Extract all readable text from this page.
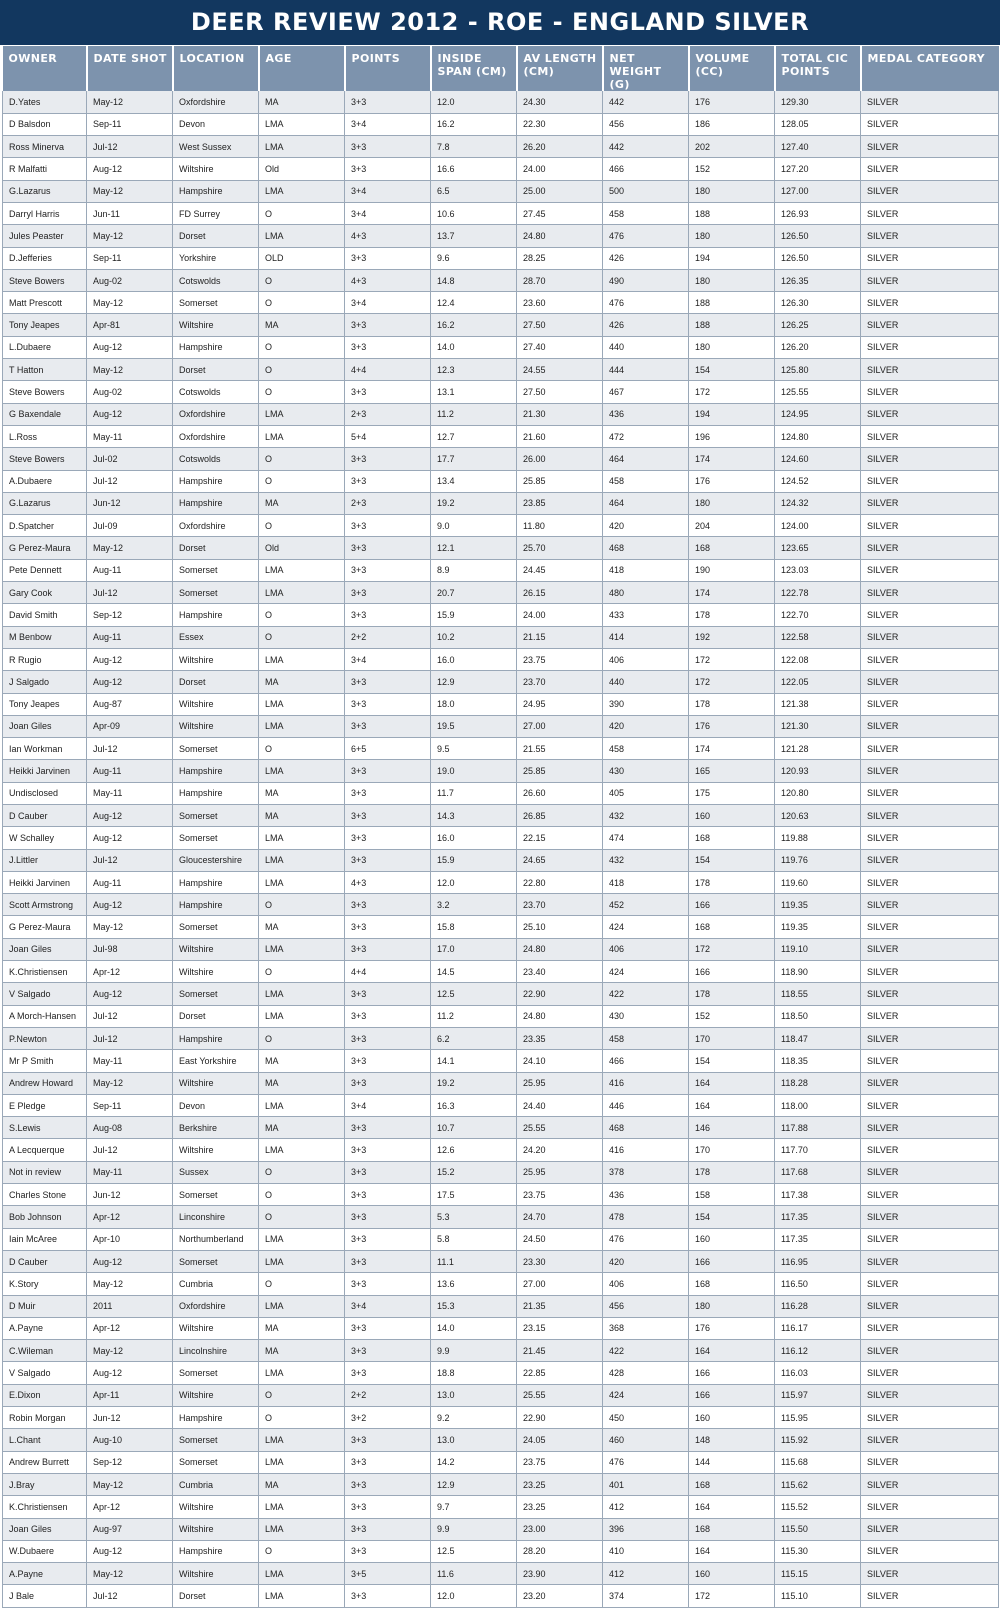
DEER REVIEW 2012 - ROE - ENGLAND SILVER
OWNER	DATE SHOT	LOCATION	AGE	POINTS	INSIDE SPAN (CM)	AV LENGTH (CM)	NET WEIGHT (G)	VOLUME (CC)	TOTAL CIC POINTS	MEDAL CATEGORY
D.Yates	May-12	Oxfordshire	MA	3+3	12.0	24.30	442	176	129.30	SILVER
D Balsdon	Sep-11	Devon	LMA	3+4	16.2	22.30	456	186	128.05	SILVER
Ross Minerva	Jul-12	West Sussex	LMA	3+3	7.8	26.20	442	202	127.40	SILVER
R Malfatti	Aug-12	Wiltshire	Old	3+3	16.6	24.00	466	152	127.20	SILVER
G.Lazarus	May-12	Hampshire	LMA	3+4	6.5	25.00	500	180	127.00	SILVER
Darryl Harris	Jun-11	FD Surrey	O	3+4	10.6	27.45	458	188	126.93	SILVER
Jules Peaster	May-12	Dorset	LMA	4+3	13.7	24.80	476	180	126.50	SILVER
D.Jefferies	Sep-11	Yorkshire	OLD	3+3	9.6	28.25	426	194	126.50	SILVER
Steve Bowers	Aug-02	Cotswolds	O	4+3	14.8	28.70	490	180	126.35	SILVER
Matt Prescott	May-12	Somerset	O	3+4	12.4	23.60	476	188	126.30	SILVER
Tony Jeapes	Apr-81	Wiltshire	MA	3+3	16.2	27.50	426	188	126.25	SILVER
L.Dubaere	Aug-12	Hampshire	O	3+3	14.0	27.40	440	180	126.20	SILVER
T Hatton	May-12	Dorset	O	4+4	12.3	24.55	444	154	125.80	SILVER
Steve Bowers	Aug-02	Cotswolds	O	3+3	13.1	27.50	467	172	125.55	SILVER
G Baxendale	Aug-12	Oxfordshire	LMA	2+3	11.2	21.30	436	194	124.95	SILVER
L.Ross	May-11	Oxfordshire	LMA	5+4	12.7	21.60	472	196	124.80	SILVER
Steve Bowers	Jul-02	Cotswolds	O	3+3	17.7	26.00	464	174	124.60	SILVER
A.Dubaere	Jul-12	Hampshire	O	3+3	13.4	25.85	458	176	124.52	SILVER
G.Lazarus	Jun-12	Hampshire	MA	2+3	19.2	23.85	464	180	124.32	SILVER
D.Spatcher	Jul-09	Oxfordshire	O	3+3	9.0	11.80	420	204	124.00	SILVER
G Perez-Maura	May-12	Dorset	Old	3+3	12.1	25.70	468	168	123.65	SILVER
Pete Dennett	Aug-11	Somerset	LMA	3+3	8.9	24.45	418	190	123.03	SILVER
Gary Cook	Jul-12	Somerset	LMA	3+3	20.7	26.15	480	174	122.78	SILVER
David Smith	Sep-12	Hampshire	O	3+3	15.9	24.00	433	178	122.70	SILVER
M Benbow	Aug-11	Essex	O	2+2	10.2	21.15	414	192	122.58	SILVER
R Rugio	Aug-12	Wiltshire	LMA	3+4	16.0	23.75	406	172	122.08	SILVER
J Salgado	Aug-12	Dorset	MA	3+3	12.9	23.70	440	172	122.05	SILVER
Tony Jeapes	Aug-87	Wiltshire	LMA	3+3	18.0	24.95	390	178	121.38	SILVER
Joan Giles	Apr-09	Wiltshire	LMA	3+3	19.5	27.00	420	176	121.30	SILVER
Ian Workman	Jul-12	Somerset	O	6+5	9.5	21.55	458	174	121.28	SILVER
Heikki Jarvinen	Aug-11	Hampshire	LMA	3+3	19.0	25.85	430	165	120.93	SILVER
Undisclosed	May-11	Hampshire	MA	3+3	11.7	26.60	405	175	120.80	SILVER
D Cauber	Aug-12	Somerset	MA	3+3	14.3	26.85	432	160	120.63	SILVER
W Schalley	Aug-12	Somerset	LMA	3+3	16.0	22.15	474	168	119.88	SILVER
J.Littler	Jul-12	Gloucestershire	LMA	3+3	15.9	24.65	432	154	119.76	SILVER
Heikki Jarvinen	Aug-11	Hampshire	LMA	4+3	12.0	22.80	418	178	119.60	SILVER
Scott Armstrong	Aug-12	Hampshire	O	3+3	3.2	23.70	452	166	119.35	SILVER
G Perez-Maura	May-12	Somerset	MA	3+3	15.8	25.10	424	168	119.35	SILVER
Joan Giles	Jul-98	Wiltshire	LMA	3+3	17.0	24.80	406	172	119.10	SILVER
K.Christiensen	Apr-12	Wiltshire	O	4+4	14.5	23.40	424	166	118.90	SILVER
V Salgado	Aug-12	Somerset	LMA	3+3	12.5	22.90	422	178	118.55	SILVER
A Morch-Hansen	Jul-12	Dorset	LMA	3+3	11.2	24.80	430	152	118.50	SILVER
P.Newton	Jul-12	Hampshire	O	3+3	6.2	23.35	458	170	118.47	SILVER
Mr P Smith	May-11	East Yorkshire	MA	3+3	14.1	24.10	466	154	118.35	SILVER
Andrew Howard	May-12	Wiltshire	MA	3+3	19.2	25.95	416	164	118.28	SILVER
E Pledge	Sep-11	Devon	LMA	3+4	16.3	24.40	446	164	118.00	SILVER
S.Lewis	Aug-08	Berkshire	MA	3+3	10.7	25.55	468	146	117.88	SILVER
A Lecquerque	Jul-12	Wiltshire	LMA	3+3	12.6	24.20	416	170	117.70	SILVER
Not in review	May-11	Sussex	O	3+3	15.2	25.95	378	178	117.68	SILVER
Charles Stone	Jun-12	Somerset	O	3+3	17.5	23.75	436	158	117.38	SILVER
Bob Johnson	Apr-12	Linconshire	O	3+3	5.3	24.70	478	154	117.35	SILVER
Iain McAree	Apr-10	Northumberland	LMA	3+3	5.8	24.50	476	160	117.35	SILVER
D Cauber	Aug-12	Somerset	LMA	3+3	11.1	23.30	420	166	116.95	SILVER
K.Story	May-12	Cumbria	O	3+3	13.6	27.00	406	168	116.50	SILVER
D Muir	2011	Oxfordshire	LMA	3+4	15.3	21.35	456	180	116.28	SILVER
A.Payne	Apr-12	Wiltshire	MA	3+3	14.0	23.15	368	176	116.17	SILVER
C.Wileman	May-12	Lincolnshire	MA	3+3	9.9	21.45	422	164	116.12	SILVER
V Salgado	Aug-12	Somerset	LMA	3+3	18.8	22.85	428	166	116.03	SILVER
E.Dixon	Apr-11	Wiltshire	O	2+2	13.0	25.55	424	166	115.97	SILVER
Robin Morgan	Jun-12	Hampshire	O	3+2	9.2	22.90	450	160	115.95	SILVER
L.Chant	Aug-10	Somerset	LMA	3+3	13.0	24.05	460	148	115.92	SILVER
Andrew Burrett	Sep-12	Somerset	LMA	3+3	14.2	23.75	476	144	115.68	SILVER
J.Bray	May-12	Cumbria	MA	3+3	12.9	23.25	401	168	115.62	SILVER
K.Christiensen	Apr-12	Wiltshire	LMA	3+3	9.7	23.25	412	164	115.52	SILVER
Joan Giles	Aug-97	Wiltshire	LMA	3+3	9.9	23.00	396	168	115.50	SILVER
W.Dubaere	Aug-12	Hampshire	O	3+3	12.5	28.20	410	164	115.30	SILVER
A.Payne	May-12	Wiltshire	LMA	3+5	11.6	23.90	412	160	115.15	SILVER
J Bale	Jul-12	Dorset	LMA	3+3	12.0	23.20	374	172	115.10	SILVER
